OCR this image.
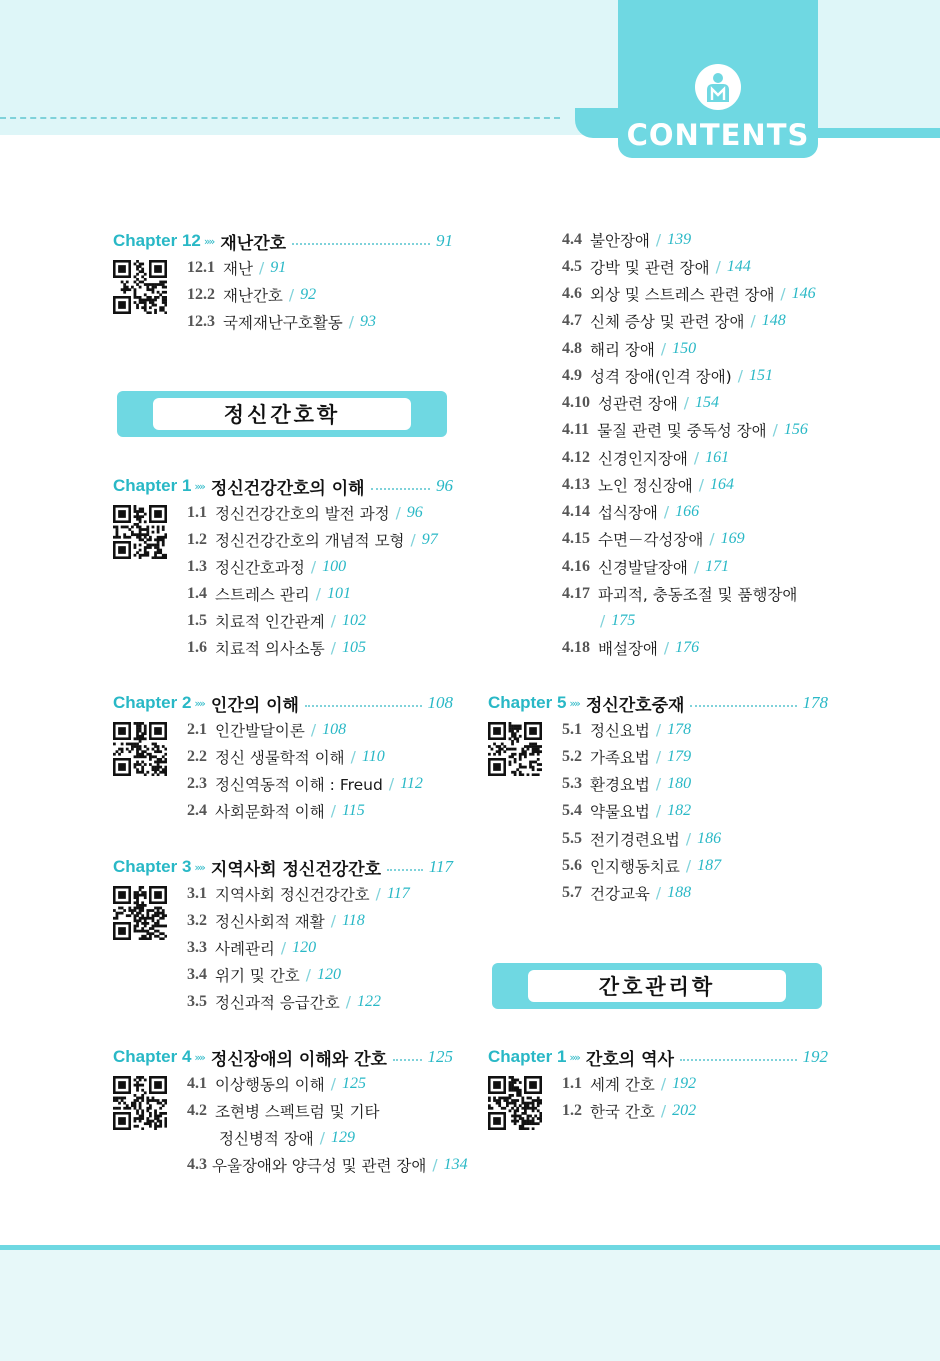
CONTENTS
Chapter 12 »» 재난간호	91
12.1 재난 / 91
12.2 재난간호 / 92
12.3 국제재난구호활동 / 93
정신간호학
Chapter 1 »» 정신건강간호의 이해	96
1.1 정신건강간호의 발전 과정 / 96
1.2 정신건강간호의 개념적 모형 / 97
1.3 정신간호과정 / 100
1.4 스트레스 관리 / 101
1.5 치료적 인간관계 / 102
1.6 치료적 의사소통 / 105
Chapter 2 »» 인간의 이해	108
2.1 인간발달이론 / 108
2.2 정신 생물학적 이해 / 110
2.3 정신역동적 이해 : Freud / 112
2.4 사회문화적 이해 / 115
Chapter 3 »» 지역사회 정신건강간호	117
3.1 지역사회 정신건강간호 / 117
3.2 정신사회적 재활 / 118
3.3 사례관리 / 120
3.4 위기 및 간호 / 120
3.5 정신과적 응급간호 / 122
Chapter 4 »» 정신장애의 이해와 간호 125
4.1 이상행동의 이해 / 125
4.2 조현병 스펙트럼 및 기타
정신병적 장애 / 129
4.3 우울장애와 양극성 및 관련 장애 / 134
4.4 불안장애 / 139
4.5 강박 및 관련 장애 / 144
4.6 외상 및 스트레스 관련 장애 / 146
4.7 신체 증상 및 관련 장애 / 148
4.8 해리 장애 / 150
4.9 성격 장애(인격 장애) / 151
4.10 성관련 장애 / 154
4.11 물질 관련 및 중독성 장애 / 156
4.12 신경인지장애 / 161
4.13 노인 정신장애 / 164
4.14 섭식장애 / 166
4.15 수면－각성장애 / 169
4.16 신경발달장애 / 171
4.17 파괴적, 충동조절 및 품행장애
/ 175
4.18 배설장애 / 176
Chapter 5 »» 정신간호중재	178
5.1 정신요법 / 178
5.2 가족요법 / 179
5.3 환경요법 / 180
5.4 약물요법 / 182
5.5 전기경련요법 / 186
5.6 인지행동치료 / 187
5.7 건강교육 / 188
간호관리학
Chapter 1 »» 간호의 역사	192
1.1 세계 간호 / 192
1.2 한국 간호 / 202
